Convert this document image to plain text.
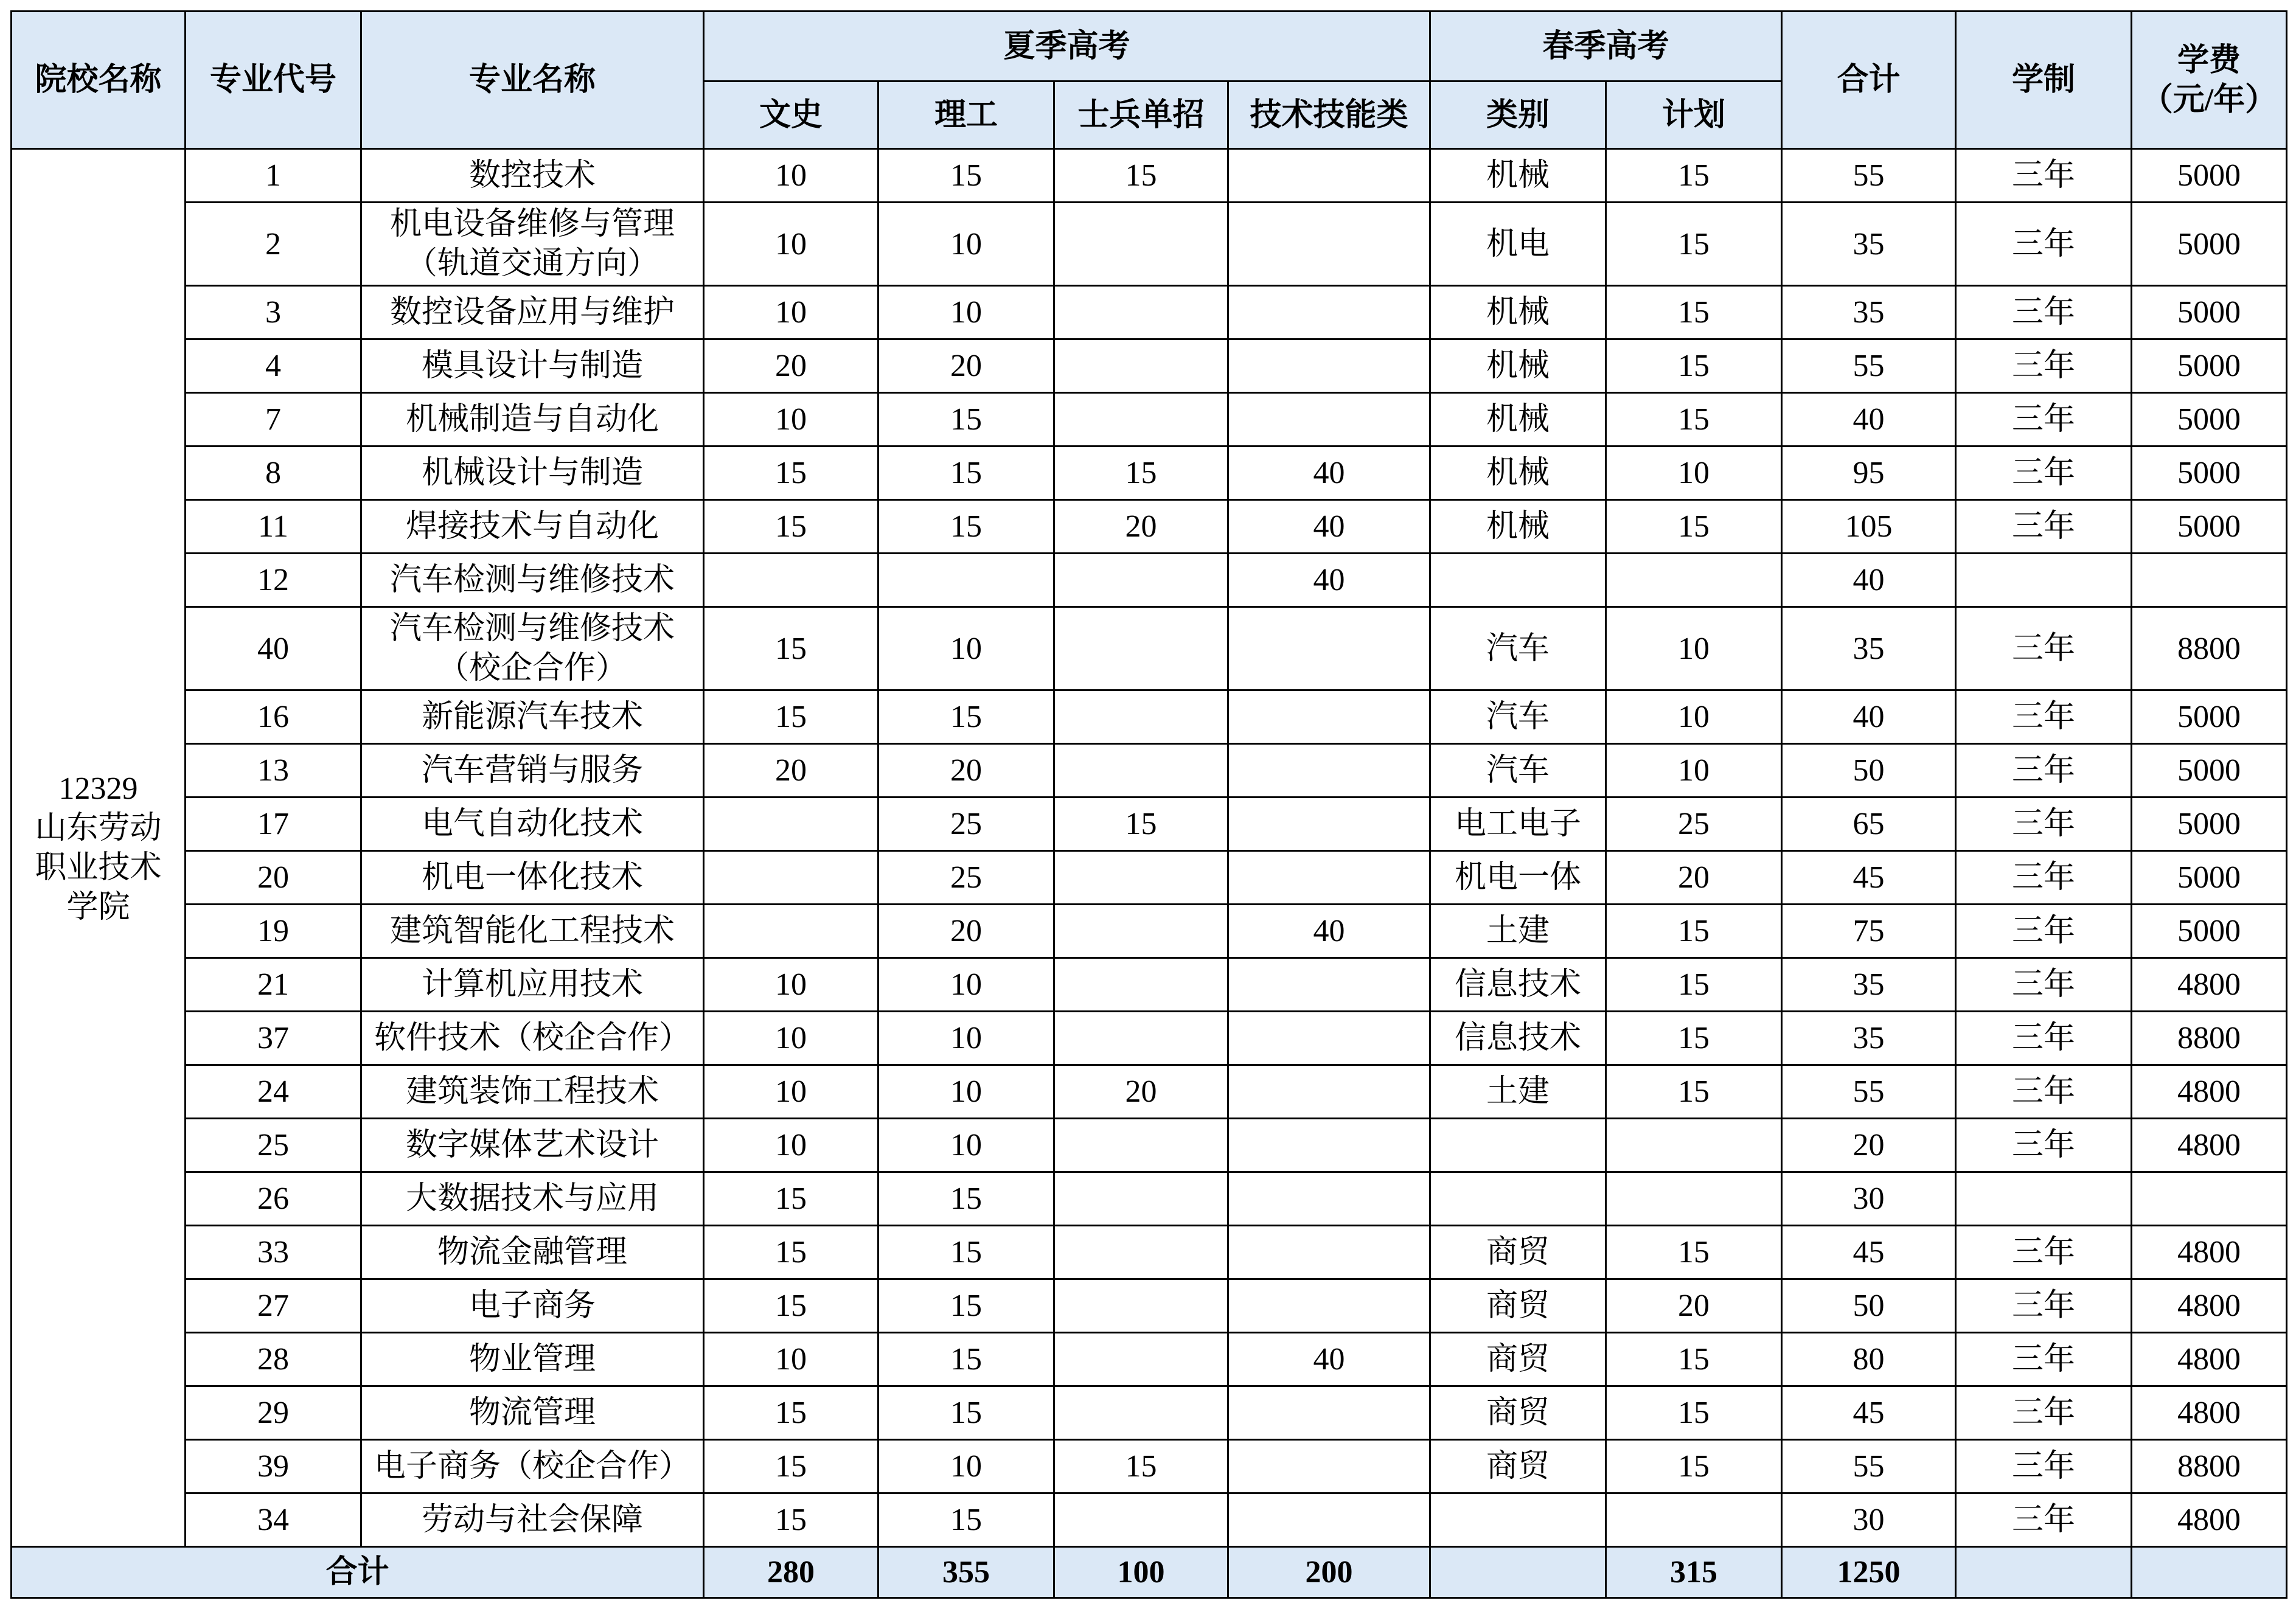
院校名称	专业代号	专业名称	夏季高考				春季高考		合计	学制	学费
（元/年）

			文史	理工	士兵单招	技术技能类	类别	计划			

12329
山东劳动
职业技术
学院	1	数控技术	10	15	15		机械	15	55	三年	5000
	2	机电设备维修与管理
（轨道交通方向）	10	10			机电	15	35	三年	5000
	3	数控设备应用与维护	10	10			机械	15	35	三年	5000
	4	模具设计与制造	20	20			机械	15	55	三年	5000
	7	机械制造与自动化	10	15			机械	15	40	三年	5000
	8	机械设计与制造	15	15	15	40	机械	10	95	三年	5000
	11	焊接技术与自动化	15	15	20	40	机械	15	105	三年	5000
	12	汽车检测与维修技术				40			40		
	40	汽车检测与维修技术
（校企合作）	15	10			汽车	10	35	三年	8800
	16	新能源汽车技术	15	15			汽车	10	40	三年	5000
	13	汽车营销与服务	20	20			汽车	10	50	三年	5000
	17	电气自动化技术		25	15		电工电子	25	65	三年	5000
	20	机电一体化技术		25			机电一体	20	45	三年	5000
	19	建筑智能化工程技术		20		40	土建	15	75	三年	5000
	21	计算机应用技术	10	10			信息技术	15	35	三年	4800
	37	软件技术（校企合作）	10	10			信息技术	15	35	三年	8800
	24	建筑装饰工程技术	10	10	20		土建	15	55	三年	4800
	25	数字媒体艺术设计	10	10					20	三年	4800
	26	大数据技术与应用	15	15					30		
	33	物流金融管理	15	15			商贸	15	45	三年	4800
	27	电子商务	15	15			商贸	20	50	三年	4800
	28	物业管理	10	15		40	商贸	15	80	三年	4800
	29	物流管理	15	15			商贸	15	45	三年	4800
	39	电子商务（校企合作）	15	10	15		商贸	15	55	三年	8800
	34	劳动与社会保障	15	15					30	三年	4800
合计			280	355	100	200		315	1250		
